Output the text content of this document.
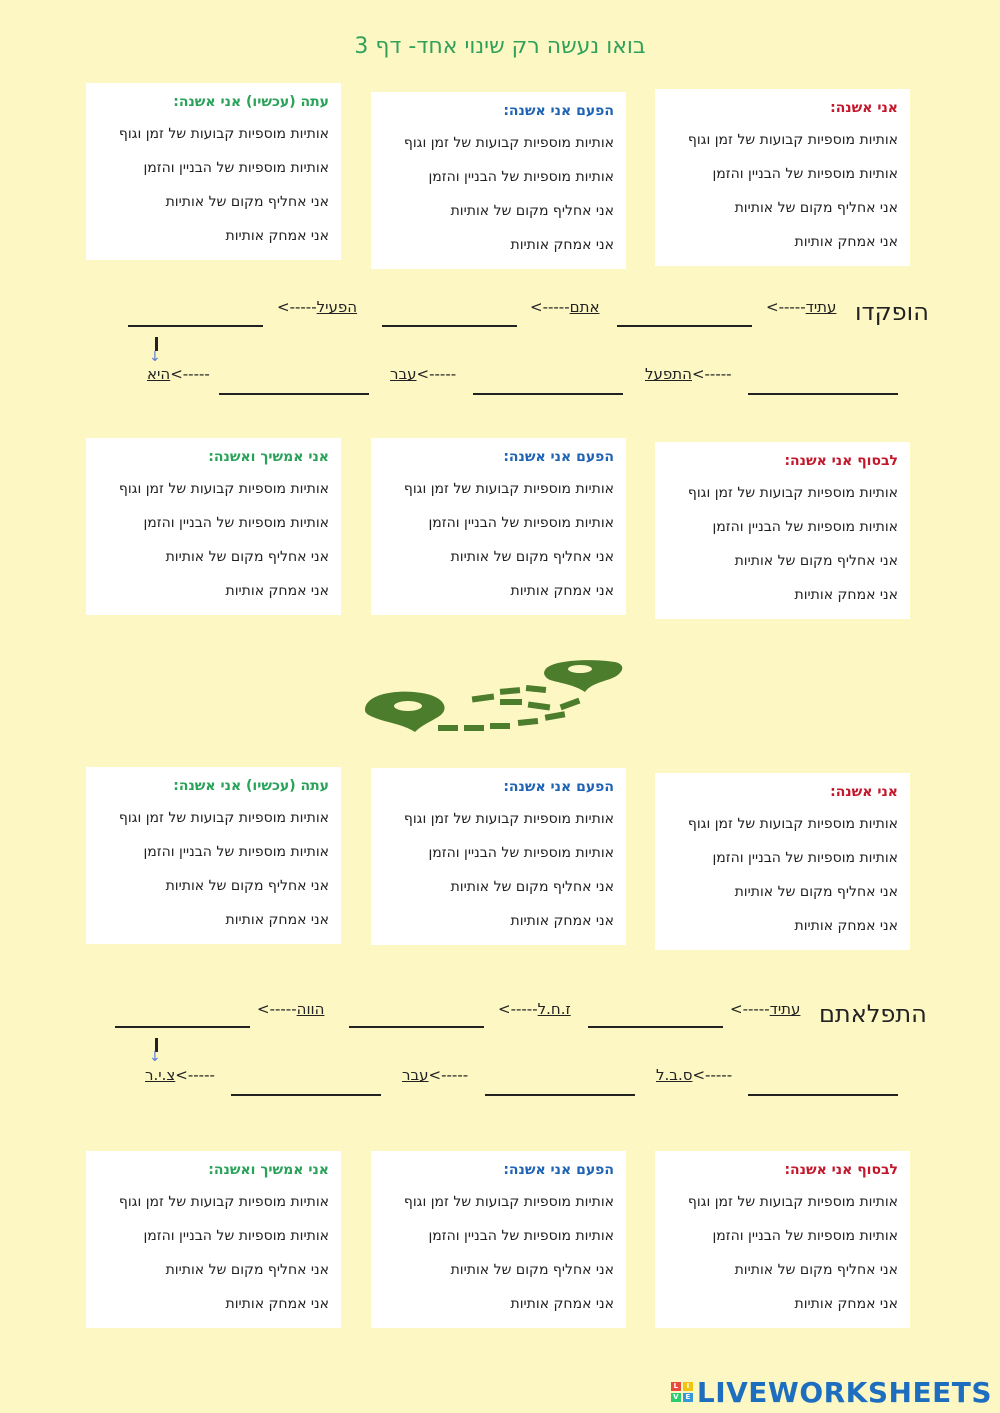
בואו נעשה רק שינוי אחד- דף 3
אני אשנה:
אותיות מוספיות קבועות של זמן וגוף
אותיות מוספיות של הבניין והזמן
אני אחליף מקום של אותיות
אני אמחק אותיות
הפעם אני אשנה:
אותיות מוספיות קבועות של זמן וגוף
אותיות מוספיות של הבניין והזמן
אני אחליף מקום של אותיות
אני אמחק אותיות
עתה (עכשיו) אני אשנה:
אותיות מוספיות קבועות של זמן וגוף
אותיות מוספיות של הבניין והזמן
אני אחליף מקום של אותיות
אני אמחק אותיות
הופקדו
<-----עתיד
<-----אתם
<-----הפעיל
↓
התפעל<-----
עבר<-----
היא<-----
לבסוף אני אשנה:
אותיות מוספיות קבועות של זמן וגוף
אותיות מוספיות של הבניין והזמן
אני אחליף מקום של אותיות
אני אמחק אותיות
הפעם אני אשנה:
אותיות מוספיות קבועות של זמן וגוף
אותיות מוספיות של הבניין והזמן
אני אחליף מקום של אותיות
אני אמחק אותיות
אני אמשיך ואשנה:
אותיות מוספיות קבועות של זמן וגוף
אותיות מוספיות של הבניין והזמן
אני אחליף מקום של אותיות
אני אמחק אותיות
אני אשנה:
אותיות מוספיות קבועות של זמן וגוף
אותיות מוספיות של הבניין והזמן
אני אחליף מקום של אותיות
אני אמחק אותיות
הפעם אני אשנה:
אותיות מוספיות קבועות של זמן וגוף
אותיות מוספיות של הבניין והזמן
אני אחליף מקום של אותיות
אני אמחק אותיות
עתה (עכשיו) אני אשנה:
אותיות מוספיות קבועות של זמן וגוף
אותיות מוספיות של הבניין והזמן
אני אחליף מקום של אותיות
אני אמחק אותיות
התפלאתם
<-----עתיד
<-----ז.ח.ל
<-----הווה
↓
ס.ב.ל<-----
עבר<-----
צ.י.ר<-----
לבסוף אני אשנה:
אותיות מוספיות קבועות של זמן וגוף
אותיות מוספיות של הבניין והזמן
אני אחליף מקום של אותיות
אני אמחק אותיות
הפעם אני אשנה:
אותיות מוספיות קבועות של זמן וגוף
אותיות מוספיות של הבניין והזמן
אני אחליף מקום של אותיות
אני אמחק אותיות
אני אמשיך ואשנה:
אותיות מוספיות קבועות של זמן וגוף
אותיות מוספיות של הבניין והזמן
אני אחליף מקום של אותיות
אני אמחק אותיות
L	I
V E LIVEWORKSHEETS
